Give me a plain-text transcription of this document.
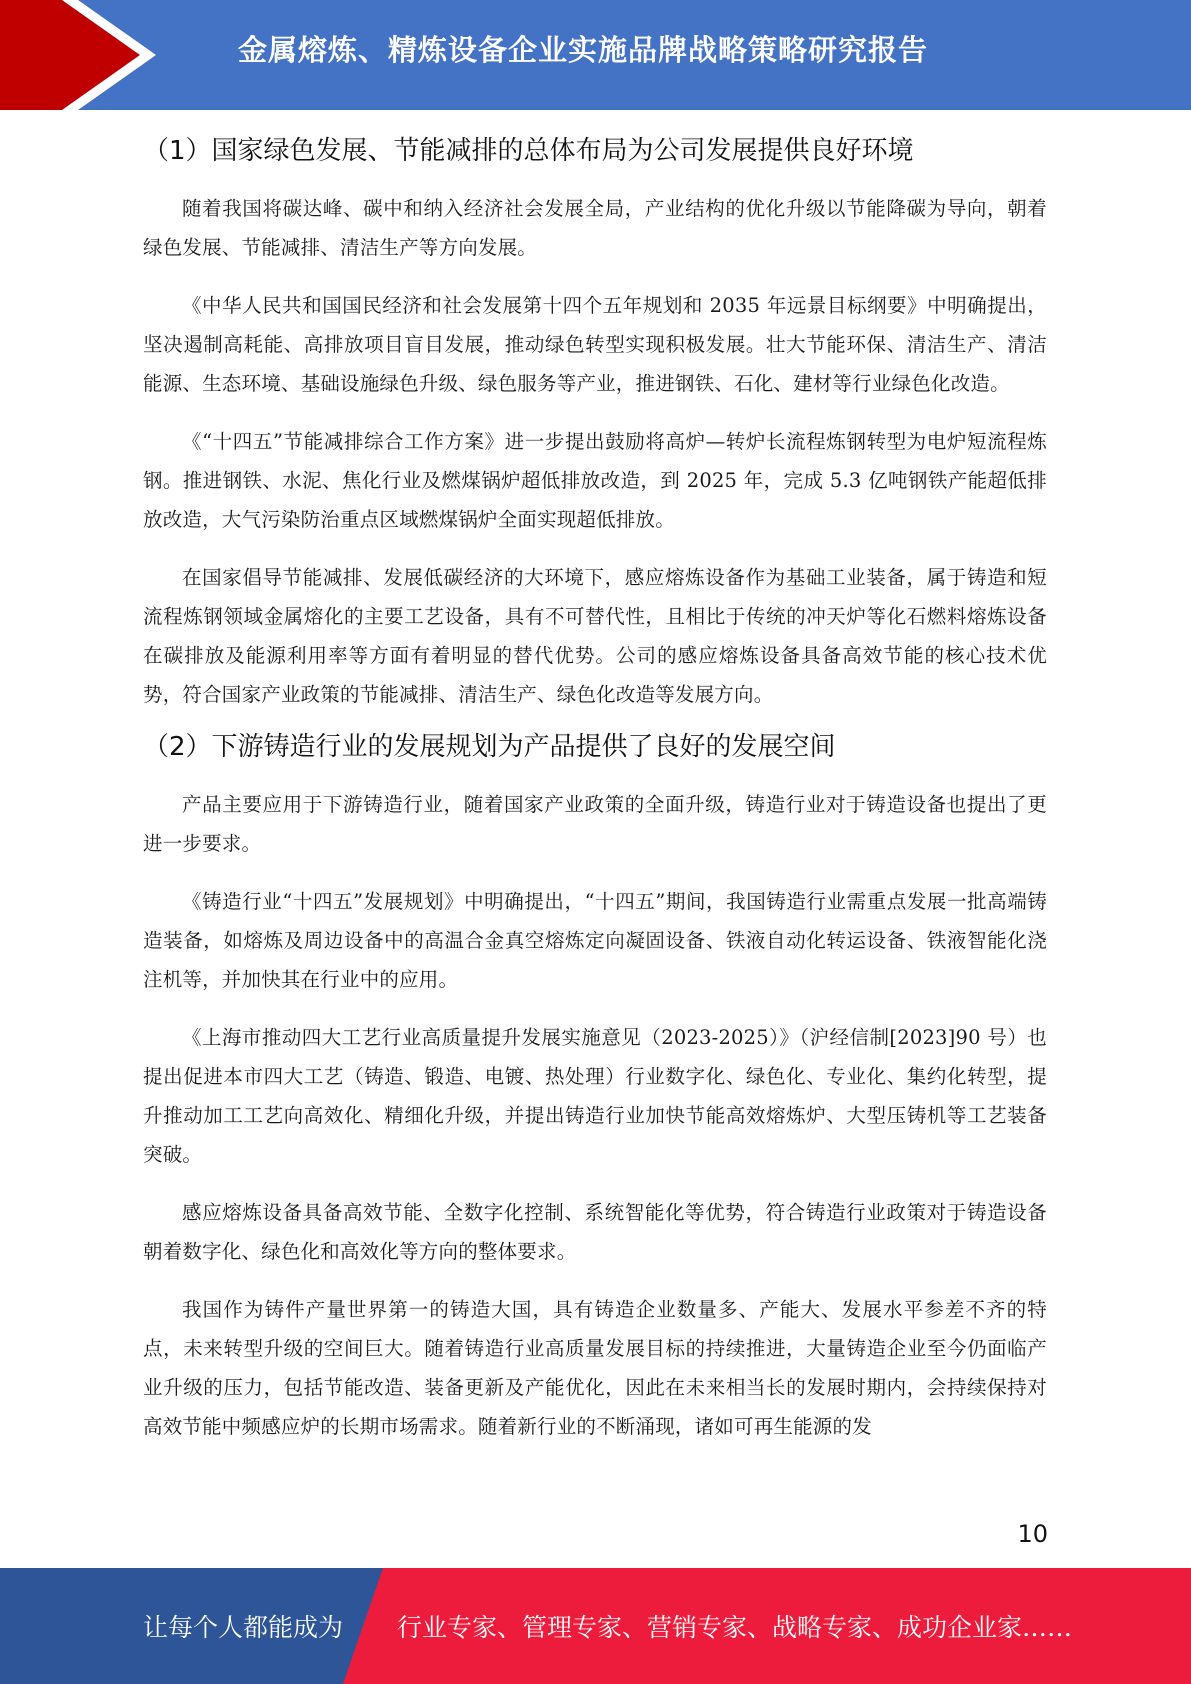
金属熔炼、精炼设备企业实施品牌战略策略研究报告
（1）国家绿色发展、节能减排的总体布局为公司发展提供良好环境

随着我国将碳达峰、碳中和纳入经济社会发展全局，产业结构的优化升级以节能降碳为导向，朝着绿色发展、节能减排、清洁生产等方向发展。

《中华人民共和国国民经济和社会发展第十四个五年规划和 2035 年远景目标纲要》中明确提出，坚决遏制高耗能、高排放项目盲目发展，推动绿色转型实现积极发展。壮大节能环保、清洁生产、清洁能源、生态环境、基础设施绿色升级、绿色服务等产业，推进钢铁、石化、建材等行业绿色化改造。

《“十四五”节能减排综合工作方案》进一步提出鼓励将高炉—转炉长流程炼钢转型为电炉短流程炼钢。推进钢铁、水泥、焦化行业及燃煤锅炉超低排放改造，到 2025 年，完成 5.3 亿吨钢铁产能超低排放改造，大气污染防治重点区域燃煤锅炉全面实现超低排放。

在国家倡导节能减排、发展低碳经济的大环境下，感应熔炼设备作为基础工业装备，属于铸造和短流程炼钢领域金属熔化的主要工艺设备，具有不可替代性，且相比于传统的冲天炉等化石燃料熔炼设备在碳排放及能源利用率等方面有着明显的替代优势。公司的感应熔炼设备具备高效节能的核心技术优势，符合国家产业政策的节能减排、清洁生产、绿色化改造等发展方向。

（2）下游铸造行业的发展规划为产品提供了良好的发展空间

产品主要应用于下游铸造行业，随着国家产业政策的全面升级，铸造行业对于铸造设备也提出了更进一步要求。

《铸造行业“十四五”发展规划》中明确提出，“十四五”期间，我国铸造行业需重点发展一批高端铸造装备，如熔炼及周边设备中的高温合金真空熔炼定向凝固设备、铁液自动化转运设备、铁液智能化浇注机等，并加快其在行业中的应用。

《上海市推动四大工艺行业高质量提升发展实施意见（2023-2025）》（沪经信制[2023]90 号）也提出促进本市四大工艺（铸造、锻造、电镀、热处理）行业数字化、绿色化、专业化、集约化转型，提升推动加工工艺向高效化、精细化升级，并提出铸造行业加快节能高效熔炼炉、大型压铸机等工艺装备突破。

感应熔炼设备具备高效节能、全数字化控制、系统智能化等优势，符合铸造行业政策对于铸造设备朝着数字化、绿色化和高效化等方向的整体要求。

我国作为铸件产量世界第一的铸造大国，具有铸造企业数量多、产能大、发展水平参差不齐的特点，未来转型升级的空间巨大。随着铸造行业高质量发展目标的持续推进，大量铸造企业至今仍面临产业升级的压力，包括节能改造、装备更新及产能优化，因此在未来相当长的发展时期内，会持续保持对高效节能中频感应炉的长期市场需求。随着新行业的不断涌现，诸如可再生能源的发

10
让每个人都能成为 行业专家、管理专家、营销专家、战略专家、成功企业家……
